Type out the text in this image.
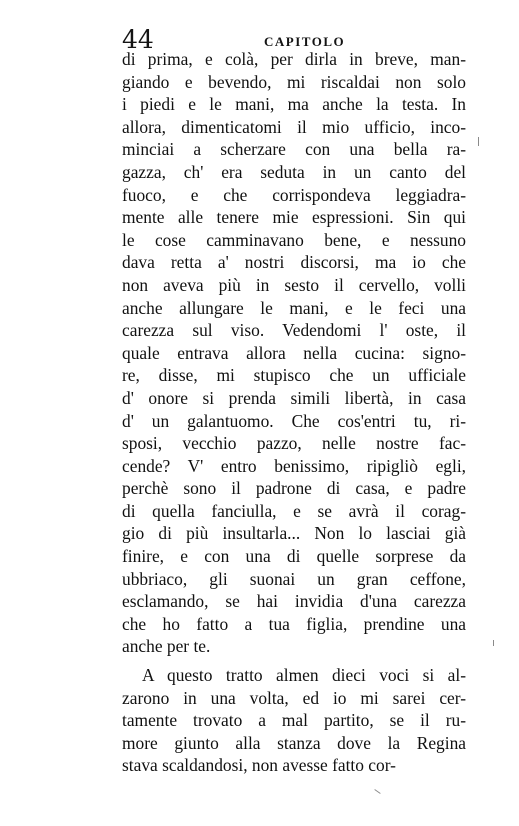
44	CAPITOLO
di prima, e colà, per dirla in breve, man-
giando e bevendo, mi riscaldai non solo
i piedi e le mani, ma anche la testa. In
allora, dimenticatomi il mio ufficio, inco-
minciai a scherzare con una bella ra-
gazza, ch' era seduta in un canto del
fuoco, e che corrispondeva leggiadra-
mente alle tenere mie espressioni. Sin qui
le cose camminavano bene, e nessuno
dava retta a' nostri discorsi, ma io che
non aveva più in sesto il cervello, volli
anche allungare le mani, e le feci una
carezza sul viso. Vedendomi l' oste, il
quale entrava allora nella cucina: signo-
re, disse, mi stupisco che un ufficiale
d' onore si prenda simili libertà, in casa
d' un galantuomo. Che cos'entri tu, ri-
sposi, vecchio pazzo, nelle nostre fac-
cende? V' entro benissimo, ripigliò egli,
perchè sono il padrone di casa, e padre
di quella fanciulla, e se avrà il corag-
gio di più insultarla... Non lo lasciai già
finire, e con una di quelle sorprese da
ubbriaco, gli suonai un gran ceffone,
esclamando, se hai invidia d'una carezza
che ho fatto a tua figlia, prendine una
anche per te.
A questo tratto almen dieci voci si al-
zarono in una volta, ed io mi sarei cer-
tamente trovato a mal partito, se il ru-
more giunto alla stanza dove la Regina
stava scaldandosi, non avesse fatto cor-
